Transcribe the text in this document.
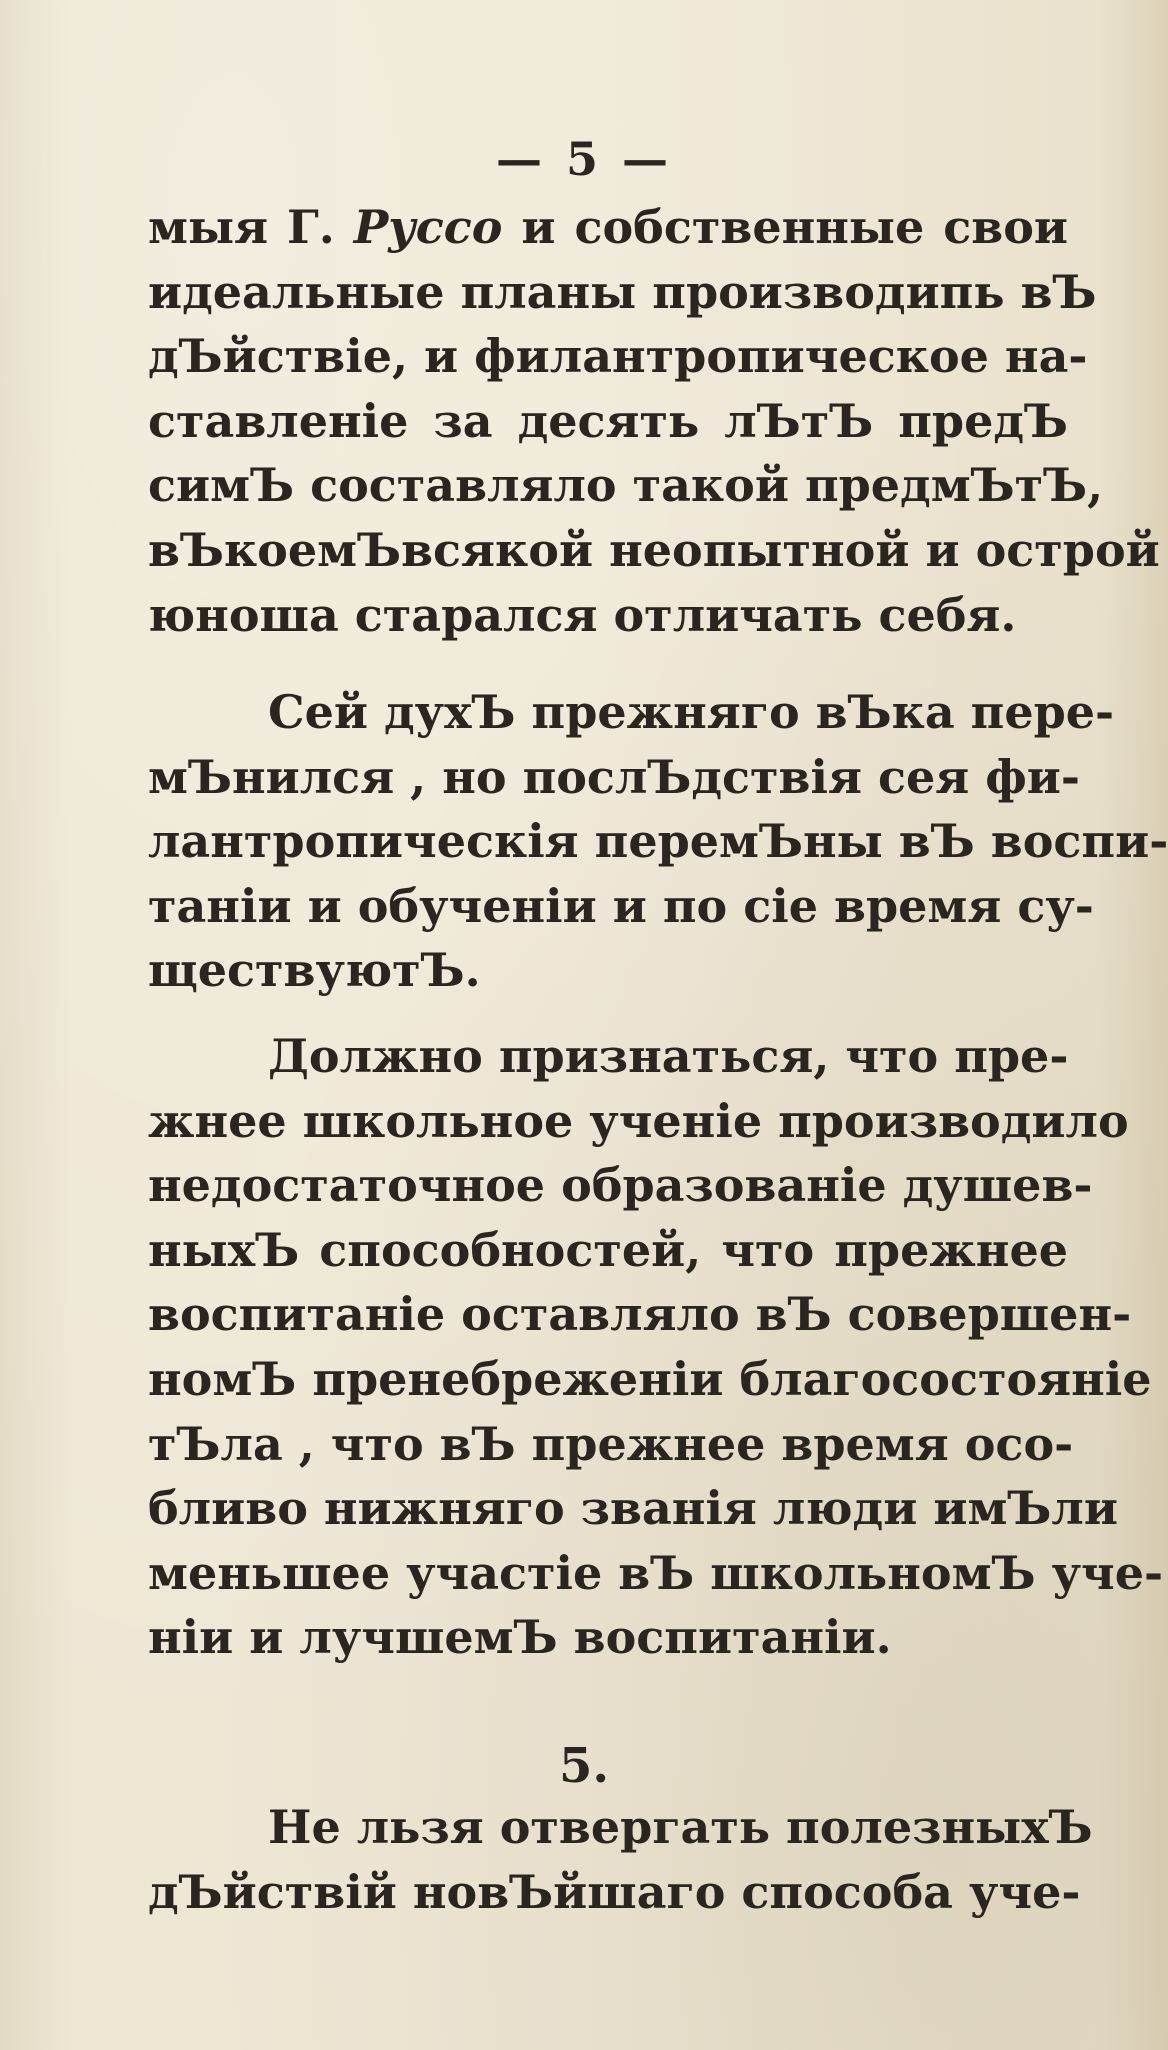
— 5 —
мыя Г. Руссо и собственные свои
идеальные планы производипь вЪ
дЪйствіе, и филантропическое на-
ставленіе за десять лЪтЪ предЪ
симЪ составляло такой предмЪтЪ,
вЪкоемЪвсякой неопытной и острой
юноша старался отличать себя.
Сей духЪ прежняго вЪка пере-
мЪнился , но послЪдствія сея фи-
лантропическія перемЪны вЪ воспи-
таніи и обученіи и по сіе время су-
ществуютЪ.
Должно признаться, что пре-
жнее школьное ученіе производило
недостаточное образованіе душев-
ныхЪ способностей, что прежнее
воспитаніе оставляло вЪ совершен-
номЪ пренебреженіи благосостояніе
тЪла , что вЪ прежнее время осо-
бливо нижняго званія люди имЪли
меньшее участіе вЪ школьномЪ уче-
ніи и лучшемЪ воспитаніи.
5.
Не льзя отвергать полезныхЪ
дЪйствій новЪйшаго способа уче-
